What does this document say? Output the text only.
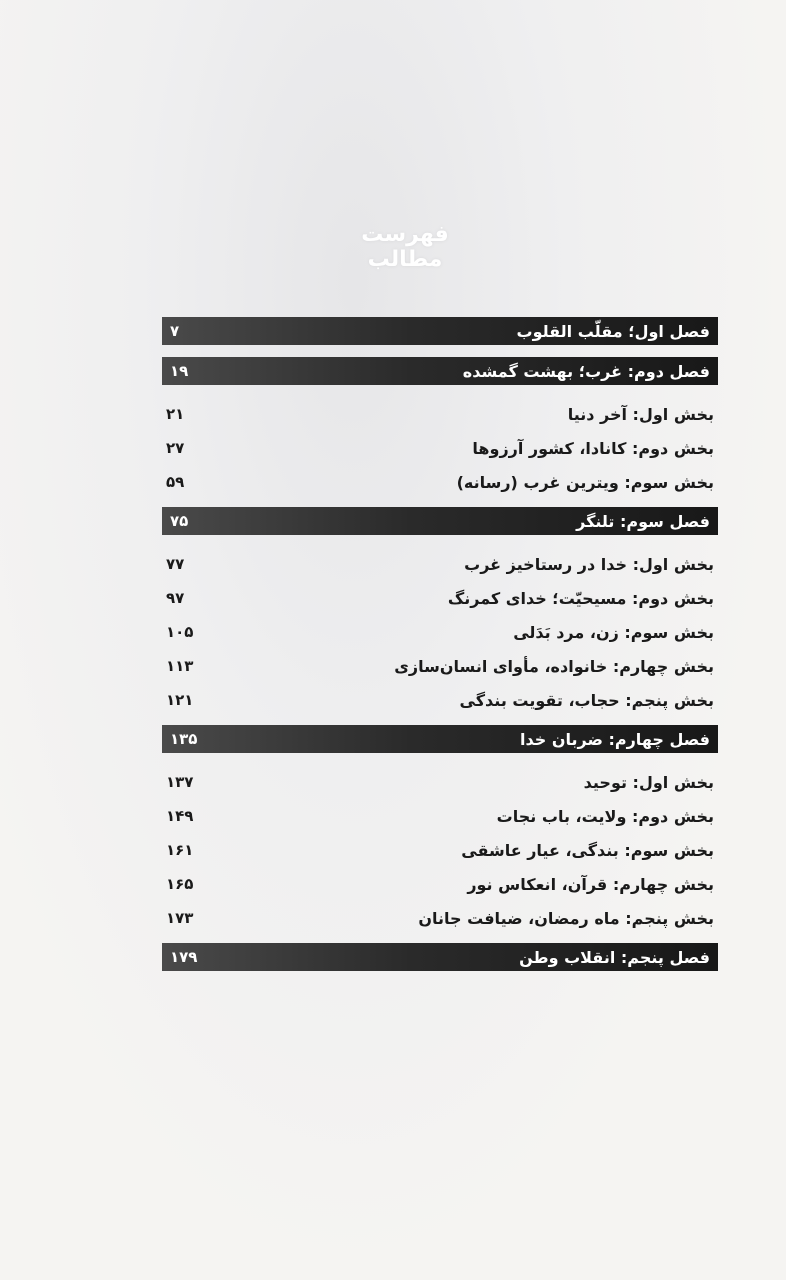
فهرست مطالب
فصل اول؛ مقلّب القلوب
۷
فصل دوم: غرب؛ بهشت گمشده
۱۹
بخش اول: آخر دنیا
۲۱
بخش دوم: کانادا، کشور آرزوها
۲۷
بخش سوم: ویترین غرب (رسانه)
۵۹
فصل سوم: تلنگر
۷۵
بخش اول: خدا در رستاخیز غرب
۷۷
بخش دوم: مسیحیّت؛ خدای کمرنگ
۹۷
بخش سوم: زن، مرد بَدَلی
۱۰۵
بخش چهارم: خانواده، مأوای انسان‌سازی
۱۱۳
بخش پنجم: حجاب، تقویت بندگی
۱۲۱
فصل چهارم: ضربان خدا
۱۳۵
بخش اول: توحید
۱۳۷
بخش دوم: ولایت، باب نجات
۱۴۹
بخش سوم: بندگی، عیار عاشقی
۱۶۱
بخش چهارم: قرآن، انعکاس نور
۱۶۵
بخش پنجم: ماه رمضان، ضیافت جانان
۱۷۳
فصل پنجم: انقلاب وطن
۱۷۹
